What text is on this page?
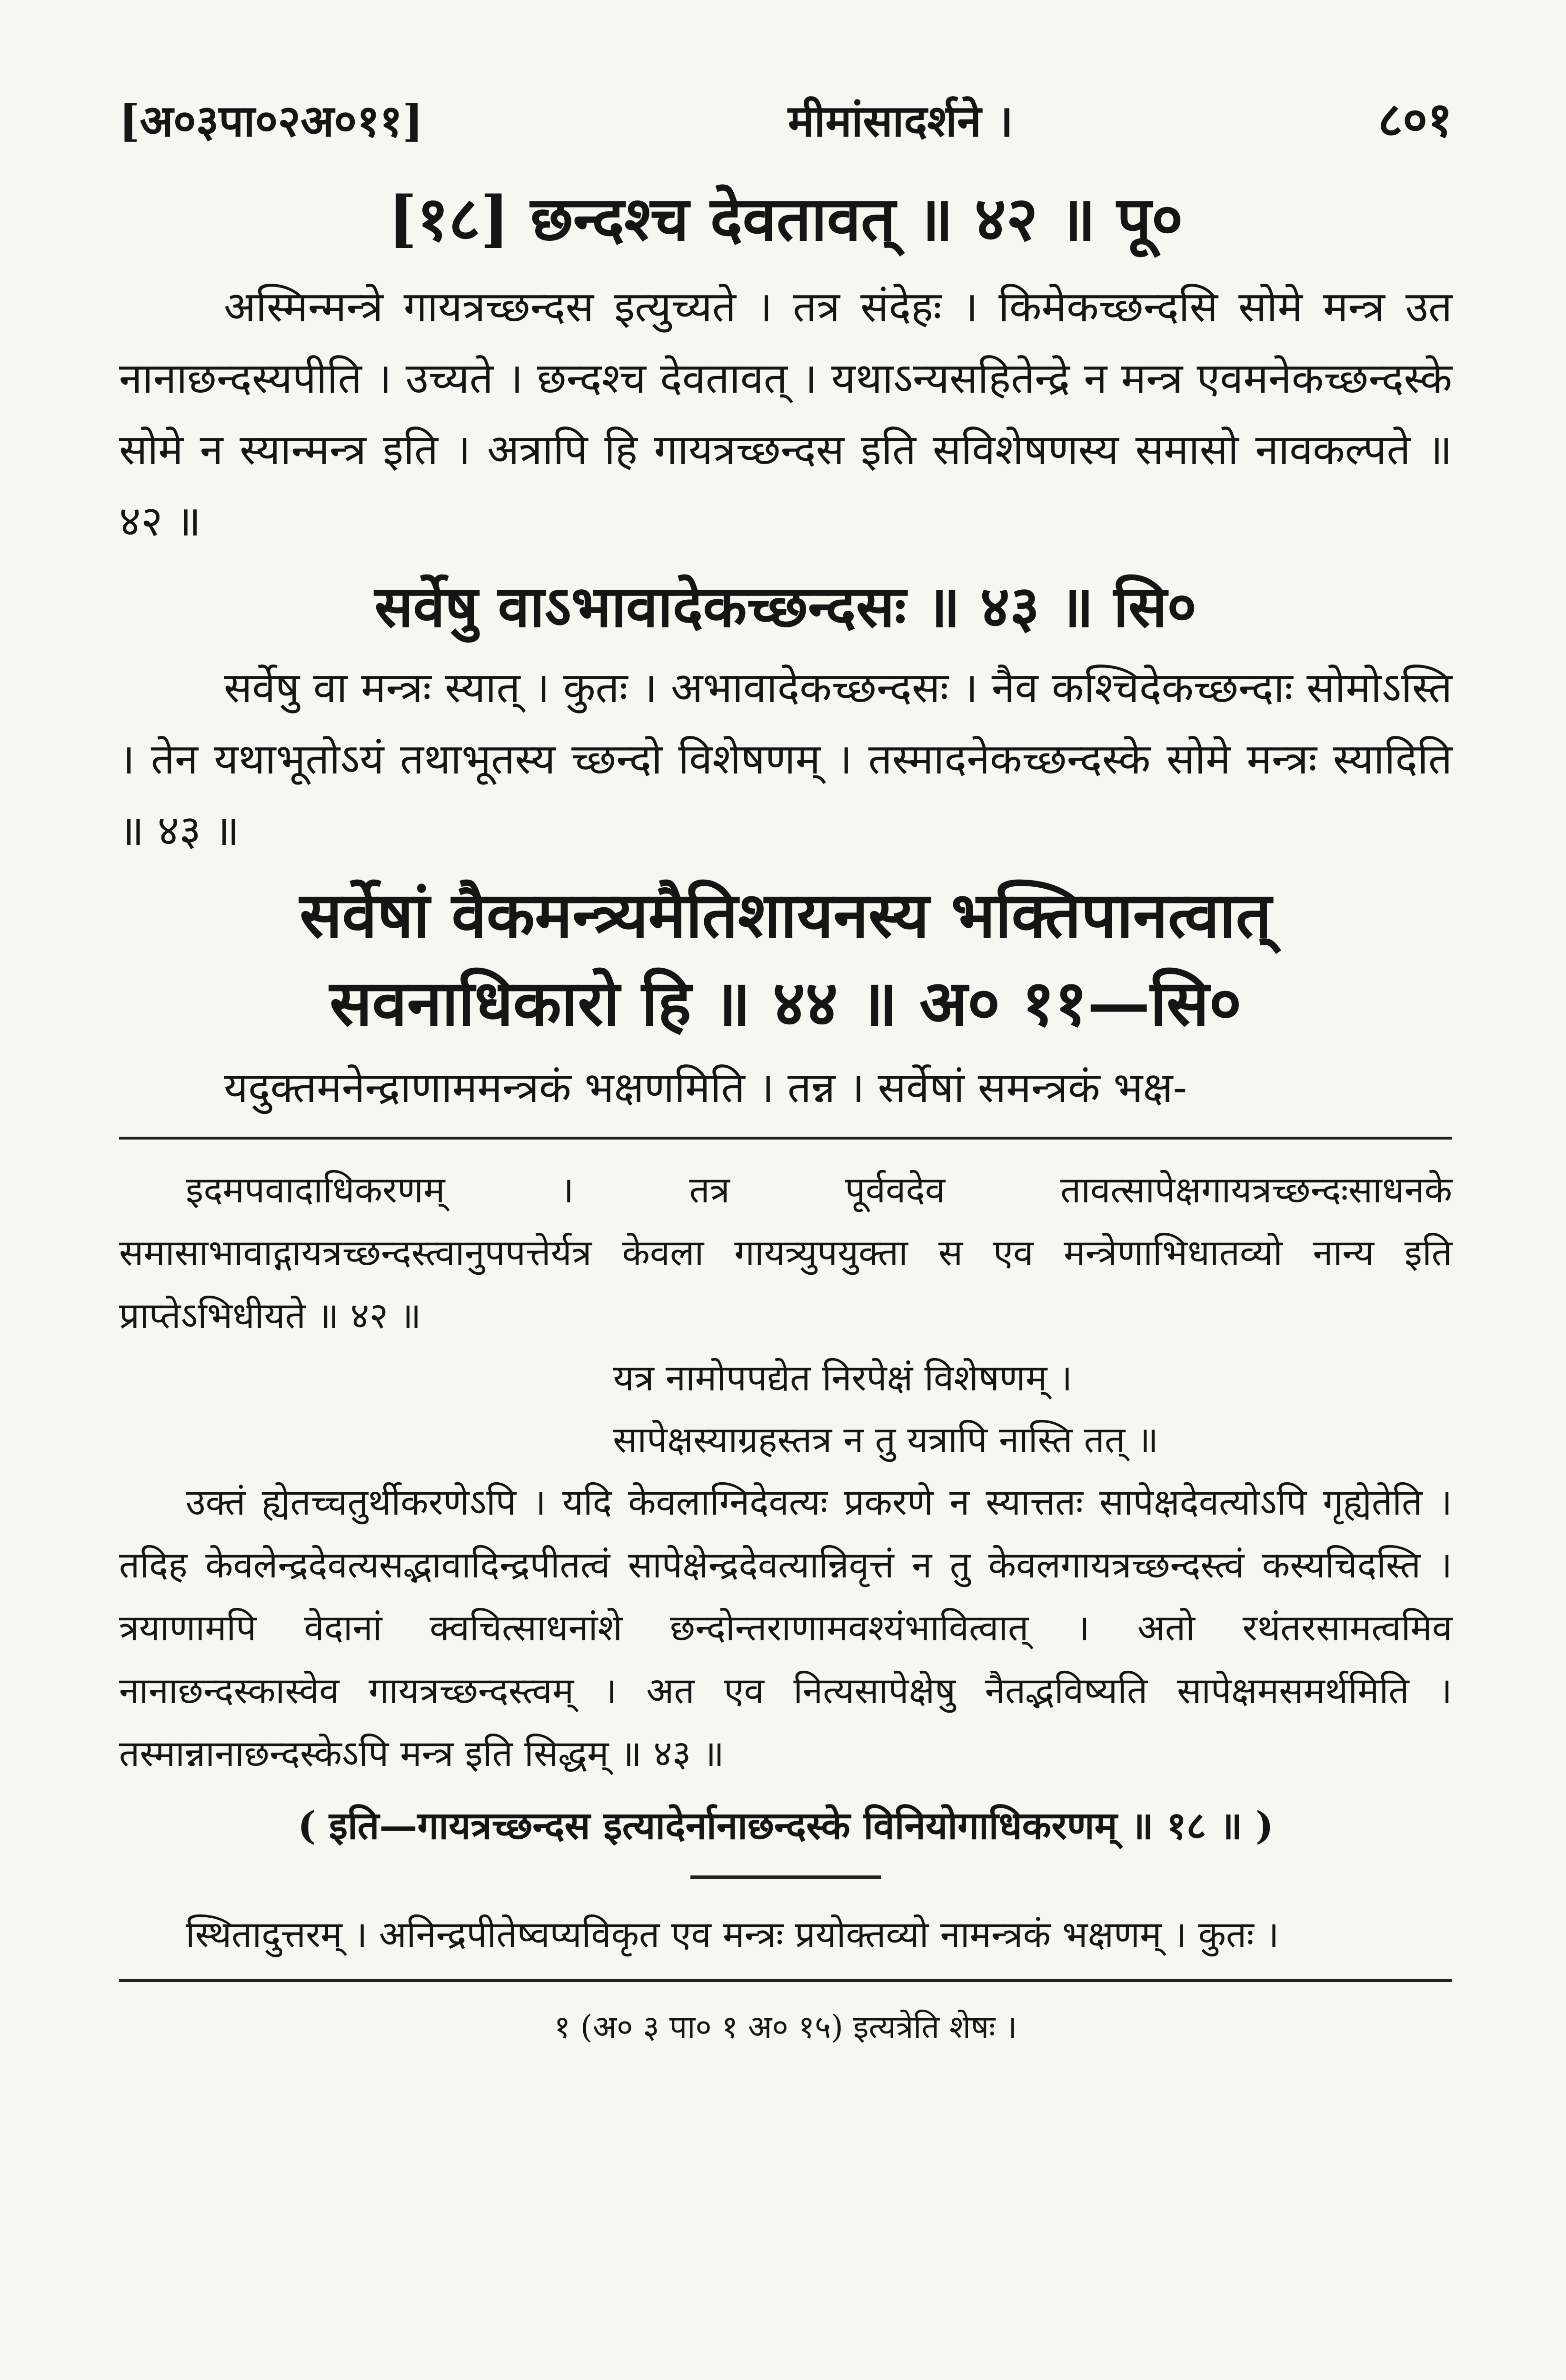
[अ०३पा०२अ०११]	मीमांसादर्शने ।	८०१
[१८] छन्दश्च देवतावत् ॥ ४२ ॥ पू०

अस्मिन्मन्त्रे गायत्रच्छन्दस इत्युच्यते । तत्र संदेहः । किमेकच्छन्दसि सोमे मन्त्र उत नानाछन्दस्यपीति । उच्यते । छन्दश्च देवतावत् । यथाऽन्यसहितेन्द्रे न मन्त्र एवमनेकच्छन्दस्के सोमे न स्यान्मन्त्र इति । अत्रापि हि गायत्रच्छन्दस इति सविशेषणस्य समासो नावकल्पते ॥ ४२ ॥

सर्वेषु वाऽभावादेकच्छन्दसः ॥ ४३ ॥ सि०

सर्वेषु वा मन्त्रः स्यात् । कुतः । अभावादेकच्छन्दसः । नैव कश्चिदेकच्छन्दाः सोमोऽस्ति । तेन यथाभूतोऽयं तथाभूतस्य च्छन्दो विशेषणम् । तस्मादनेकच्छन्दस्के सोमे मन्त्रः स्यादिति ॥ ४३ ॥

सर्वेषां वैकमन्त्र्यमैतिशायनस्य भक्तिपानत्वात्
सवनाधिकारो हि ॥ ४४ ॥ अ० ११—सि०

यदुक्तमनेन्द्राणाममन्त्रकं भक्षणमिति । तन्न । सर्वेषां समन्त्रकं भक्ष-

इदमपवादाधिकरणम् । तत्र पूर्ववदेव तावत्सापेक्षगायत्रच्छन्दःसाधनके समासाभावाद्गायत्रच्छन्दस्त्वानुपपत्तेर्यत्र केवला गायत्र्युपयुक्ता स एव मन्त्रेणाभिधातव्यो नान्य इति प्राप्तेऽभिधीयते ॥ ४२ ॥

यत्र नामोपपद्येत निरपेक्षं विशेषणम् ।

सापेक्षस्याग्रहस्तत्र न तु यत्रापि नास्ति तत् ॥

उक्तं ह्येतच्चतुर्थीकरणेऽपि । यदि केवलाग्निदेवत्यः प्रकरणे न स्यात्ततः सापेक्षदेवत्योऽपि गृह्येतेति । तदिह केवलेन्द्रदेवत्यसद्भावादिन्द्रपीतत्वं सापेक्षेन्द्रदेवत्यान्निवृत्तं न तु केवलगायत्रच्छन्दस्त्वं कस्यचिदस्ति । त्रयाणामपि वेदानां क्वचित्साधनांशे छन्दोन्तराणामवश्यंभावित्वात् । अतो रथंतरसामत्वमिव नानाछन्दस्कास्वेव गायत्रच्छन्दस्त्वम् । अत एव नित्यसापेक्षेषु नैतद्भविष्यति सापेक्षमसमर्थमिति । तस्मान्नानाछन्दस्केऽपि मन्त्र इति सिद्धम् ॥ ४३ ॥

( इति—गायत्रच्छन्दस इत्यादेर्नानाछन्दस्के विनियोगाधिकरणम् ॥ १८ ॥ )

स्थितादुत्तरम् । अनिन्द्रपीतेष्वप्यविकृत एव मन्त्रः प्रयोक्तव्यो नामन्त्रकं भक्षणम् । कुतः ।

१ (अ० ३ पा० १ अ० १५) इत्यत्रेति शेषः ।
